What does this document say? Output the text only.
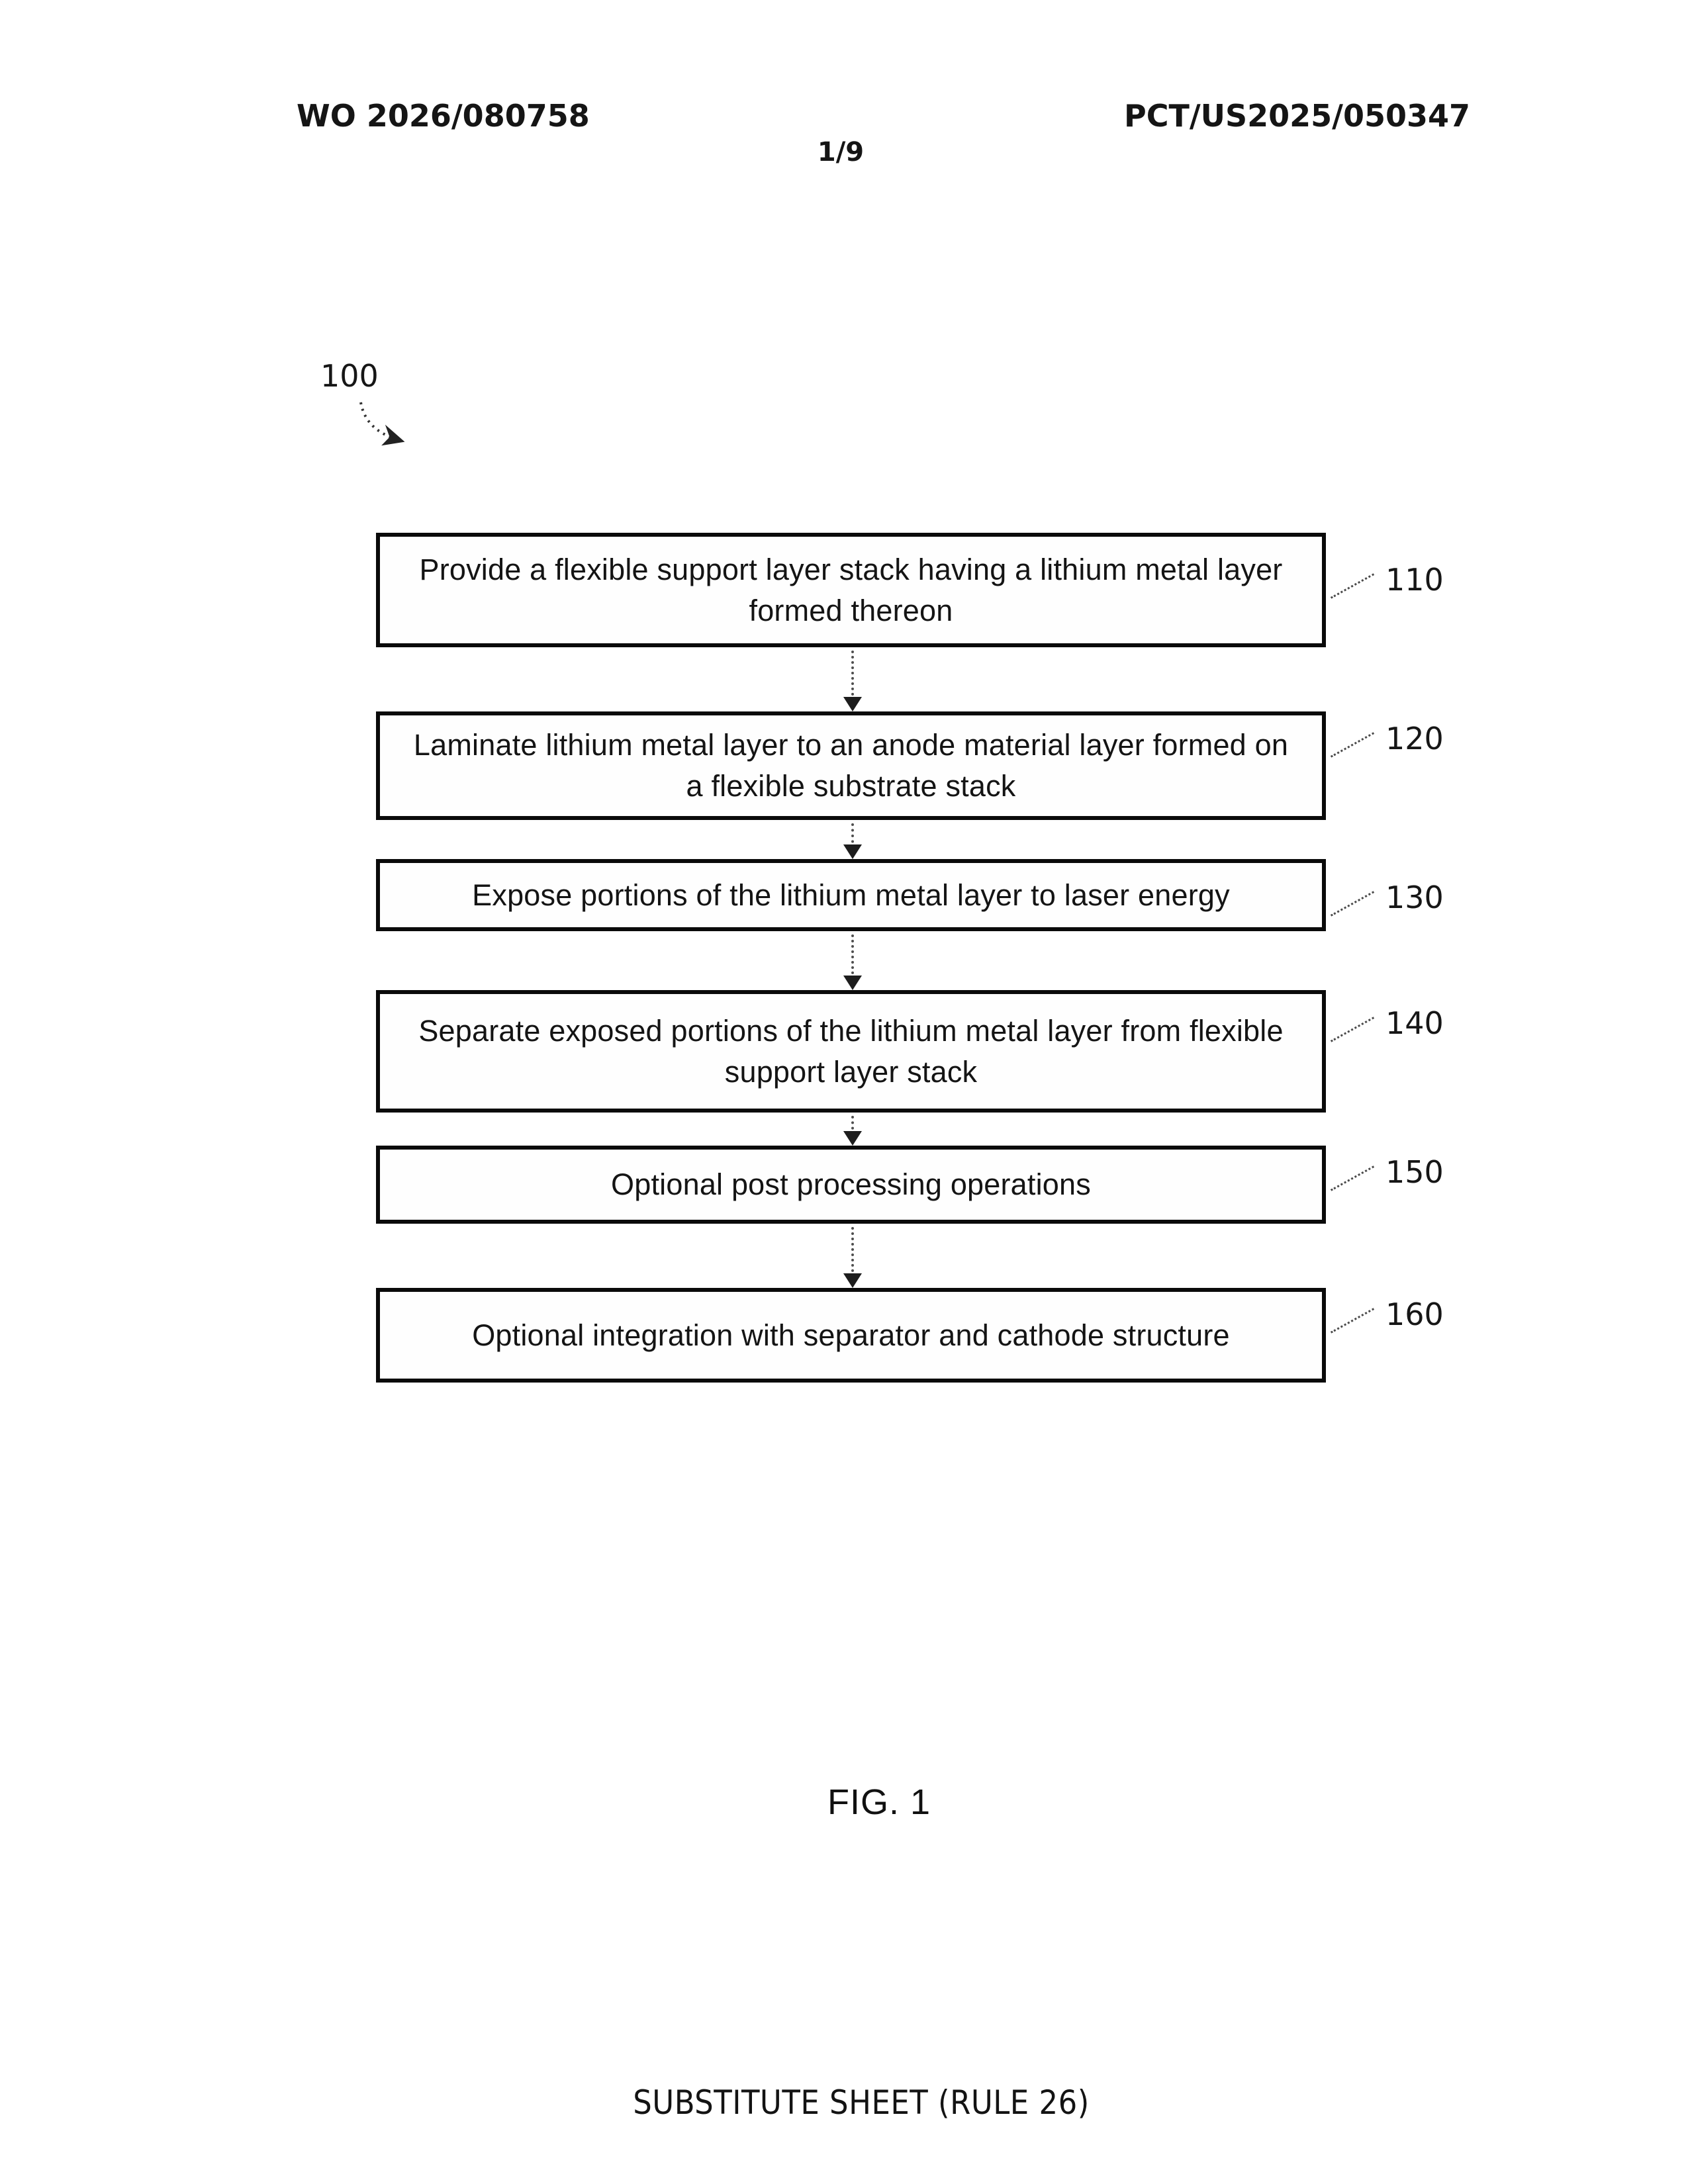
WO 2026/080758	PCT/US2025/050347
1/9
100
Provide a flexible support layer stack having a lithium metal layer formed thereon
Laminate lithium metal layer to an anode material layer formed on a flexible substrate stack
Expose portions of the lithium metal layer to laser energy
Separate exposed portions of the lithium metal layer from flexible support layer stack
Optional post processing operations
Optional integration with separator and cathode structure
110
120
130
140
150
160
FIG. 1
SUBSTITUTE SHEET (RULE 26)
